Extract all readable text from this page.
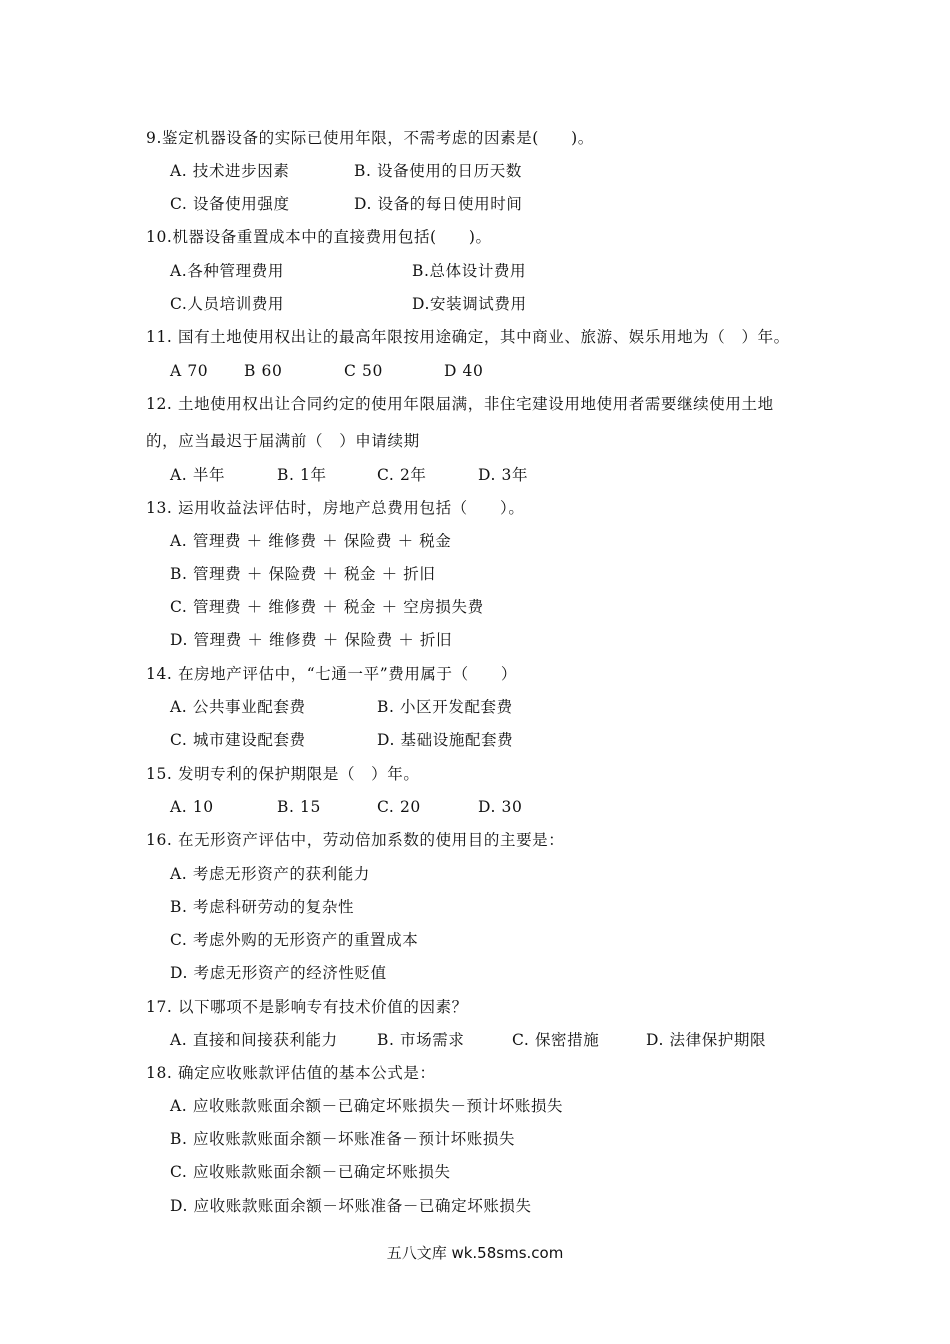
9.鉴定机器设备的实际已使用年限，不需考虑的因素是(　　)。
A. 技术进步因素	B. 设备使用的日历天数
C. 设备使用强度	D. 设备的每日使用时间
10.机器设备重置成本中的直接费用包括(　　)。
A.各种管理费用	B.总体设计费用
C.人员培训费用	D.安装调试费用
11. 国有土地使用权出让的最高年限按用途确定，其中商业、旅游、娱乐用地为（　）年。
A 70 B 60	C 50	D 40
12. 土地使用权出让合同约定的使用年限届满，非住宅建设用地使用者需要继续使用土地
的，应当最迟于届满前（　）申请续期
A. 半年	B. 1年	C. 2年	D. 3年
13. 运用收益法评估时，房地产总费用包括（　　）。
A. 管理费 ＋ 维修费 ＋ 保险费 ＋ 税金
B. 管理费 ＋ 保险费 ＋ 税金 ＋ 折旧
C. 管理费 ＋ 维修费 ＋ 税金 ＋ 空房损失费
D. 管理费 ＋ 维修费 ＋ 保险费 ＋ 折旧
14. 在房地产评估中，“七通一平”费用属于（　　）
A. 公共事业配套费	B. 小区开发配套费
C. 城市建设配套费	D. 基础设施配套费
15. 发明专利的保护期限是（　）年。
A. 10	B. 15	C. 20	D. 30
16. 在无形资产评估中，劳动倍加系数的使用目的主要是：
A. 考虑无形资产的获利能力
B. 考虑科研劳动的复杂性
C. 考虑外购的无形资产的重置成本
D. 考虑无形资产的经济性贬值
17. 以下哪项不是影响专有技术价值的因素？
A. 直接和间接获利能力	B. 市场需求	C. 保密措施	D. 法律保护期限
18. 确定应收账款评估值的基本公式是：
A. 应收账款账面余额－已确定坏账损失－预计坏账损失
B. 应收账款账面余额－坏账准备－预计坏账损失
C. 应收账款账面余额－已确定坏账损失
D. 应收账款账面余额－坏账准备－已确定坏账损失
五八文库 wk.58sms.com
